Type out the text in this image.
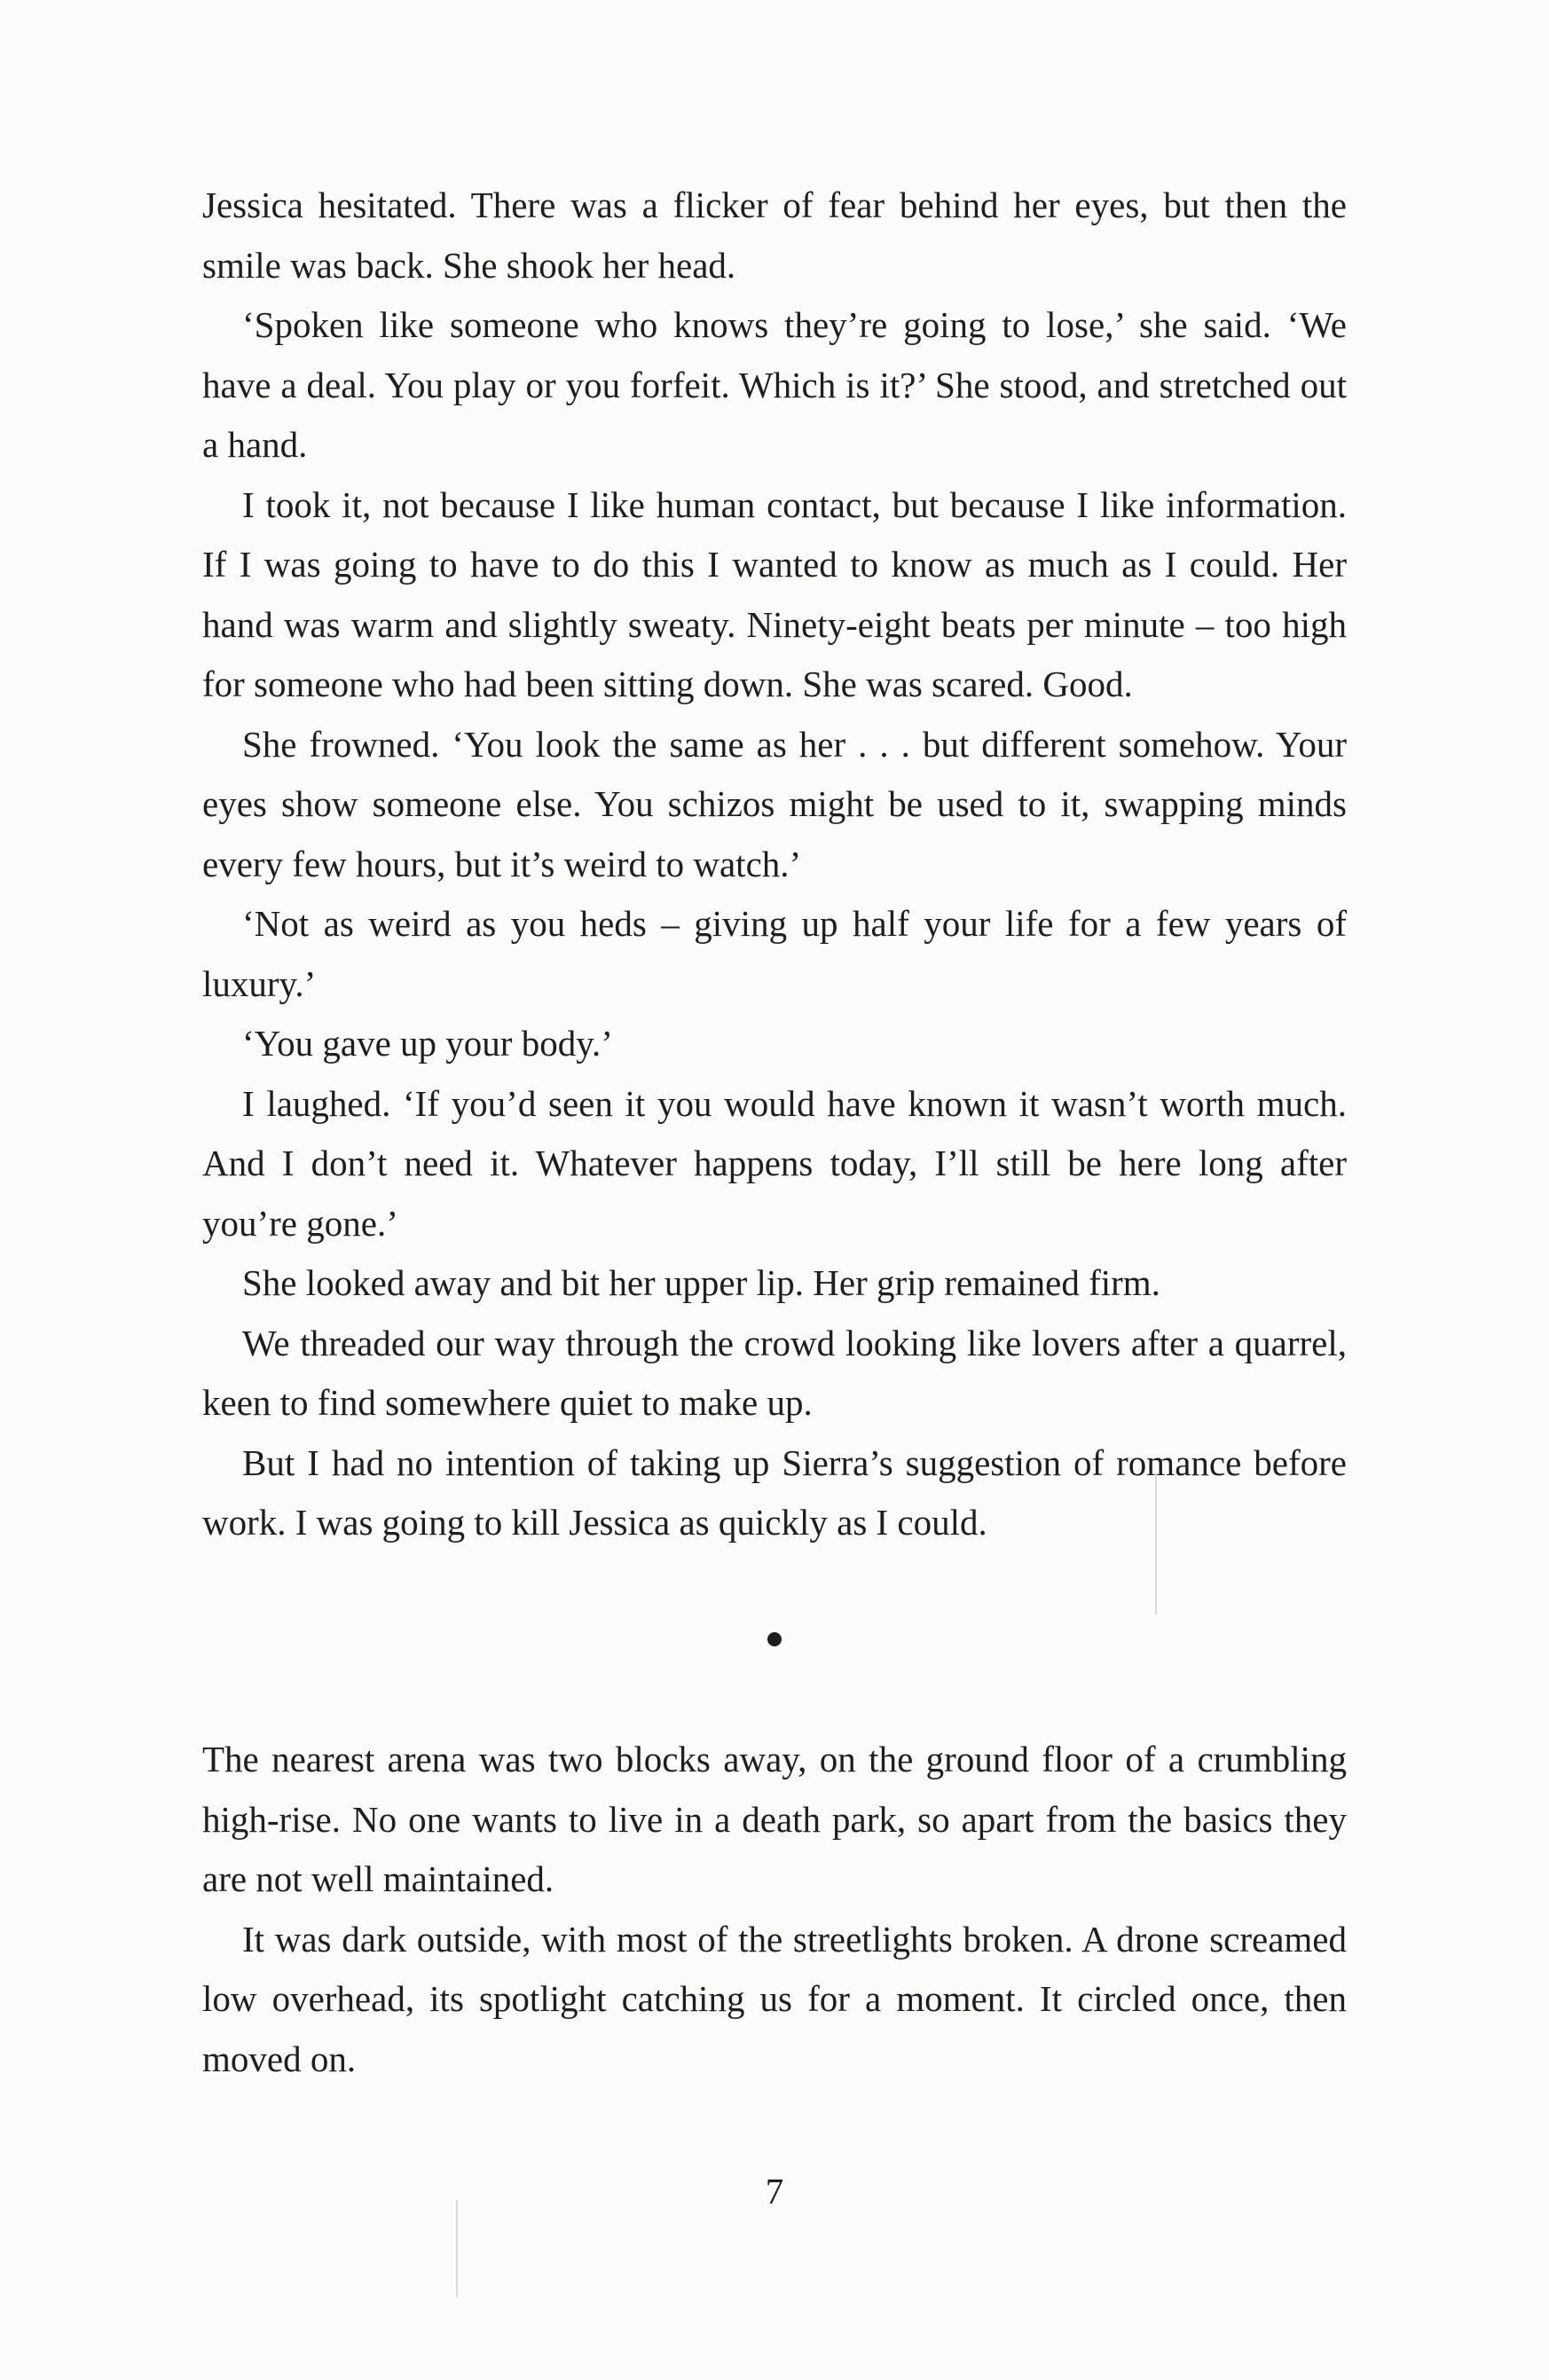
Jessica hesitated. There was a flicker of fear behind her eyes, but then the smile was back. She shook her head.

‘Spoken like someone who knows they’re going to lose,’ she said. ‘We have a deal. You play or you forfeit. Which is it?’ She stood, and stretched out a hand.

I took it, not because I like human contact, but because I like information. If I was going to have to do this I wanted to know as much as I could. Her hand was warm and slightly sweaty. Ninety-eight beats per minute – too high for someone who had been sitting down. She was scared. Good.

She frowned. ‘You look the same as her . . . but different somehow. Your eyes show someone else. You schizos might be used to it, swapping minds every few hours, but it’s weird to watch.’

‘Not as weird as you heds – giving up half your life for a few years of luxury.’

‘You gave up your body.’

I laughed. ‘If you’d seen it you would have known it wasn’t worth much. And I don’t need it. Whatever happens today, I’ll still be here long after you’re gone.’

She looked away and bit her upper lip. Her grip remained firm.

We threaded our way through the crowd looking like lovers after a quarrel, keen to find somewhere quiet to make up.

But I had no intention of taking up Sierra’s suggestion of romance before work. I was going to kill Jessica as quickly as I could.

The nearest arena was two blocks away, on the ground floor of a crumbling high-rise. No one wants to live in a death park, so apart from the basics they are not well maintained.

It was dark outside, with most of the streetlights broken. A drone screamed low overhead, its spotlight catching us for a moment. It circled once, then moved on.

7
